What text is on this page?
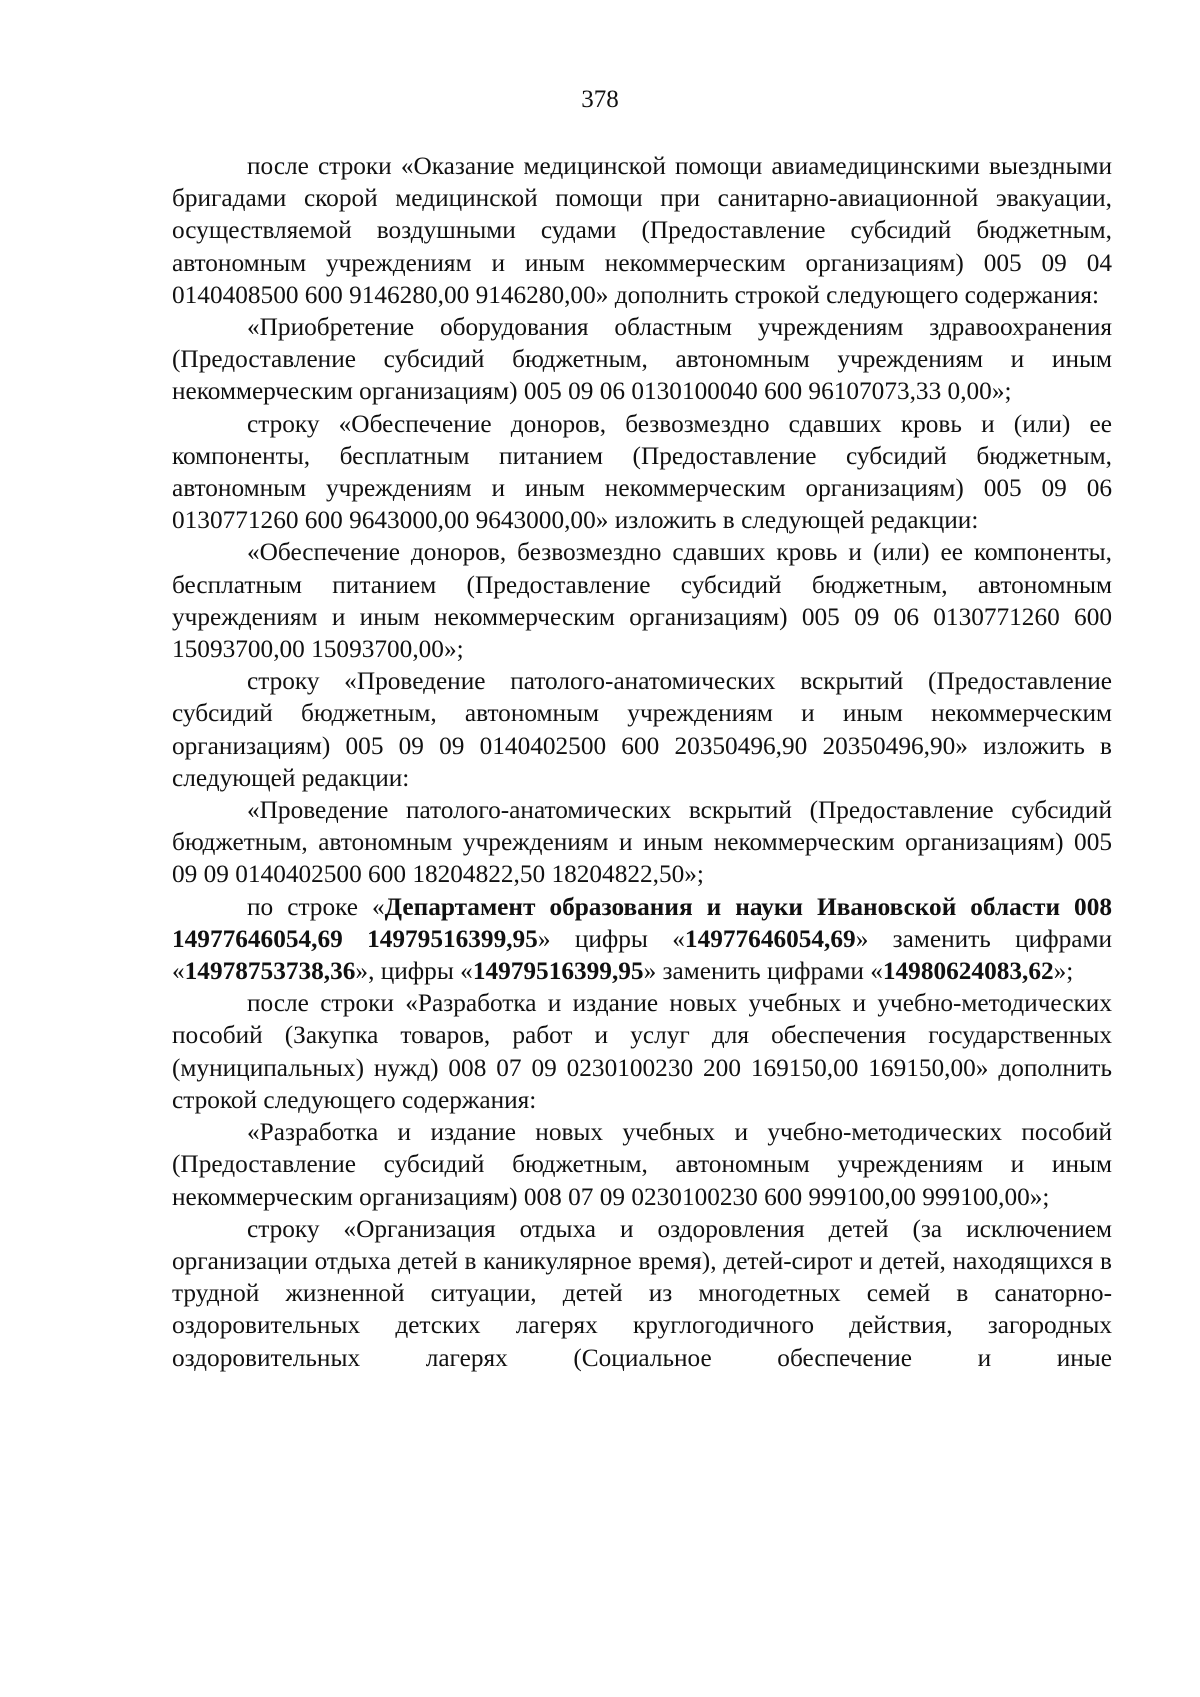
378

после строки «Оказание медицинской помощи авиамедицинскими выездными бригадами скорой медицинской помощи при санитарно-авиационной эвакуации, осуществляемой воздушными судами (Предоставление субсидий бюджетным, автономным учреждениям и иным некоммерческим организациям) 005 09 04 0140408500 600 9146280,00 9146280,00» дополнить строкой следующего содержания:

«Приобретение оборудования областным учреждениям здравоохранения (Предоставление субсидий бюджетным, автономным учреждениям и иным некоммерческим организациям) 005 09 06 0130100040 600 96107073,33 0,00»;

строку «Обеспечение доноров, безвозмездно сдавших кровь и (или) ее компоненты, бесплатным питанием (Предоставление субсидий бюджетным, автономным учреждениям и иным некоммерческим организациям) 005 09 06 0130771260 600 9643000,00 9643000,00» изложить в следующей редакции:

«Обеспечение доноров, безвозмездно сдавших кровь и (или) ее компоненты, бесплатным питанием (Предоставление субсидий бюджетным, автономным учреждениям и иным некоммерческим организациям) 005 09 06 0130771260 600 15093700,00 15093700,00»;

строку «Проведение патолого-анатомических вскрытий (Предоставление субсидий бюджетным, автономным учреждениям и иным некоммерческим организациям) 005 09 09 0140402500 600 20350496,90 20350496,90» изложить в следующей редакции:

«Проведение патолого-анатомических вскрытий (Предоставление субсидий бюджетным, автономным учреждениям и иным некоммерческим организациям) 005 09 09 0140402500 600 18204822,50 18204822,50»;

по строке «Департамент образования и науки Ивановской области 008 14977646054,69 14979516399,95» цифры «14977646054,69» заменить цифрами «14978753738,36», цифры «14979516399,95» заменить цифрами «14980624083,62»;

после строки «Разработка и издание новых учебных и учебно-методических пособий (Закупка товаров, работ и услуг для обеспечения государственных (муниципальных) нужд) 008 07 09 0230100230 200 169150,00 169150,00» дополнить строкой следующего содержания:

«Разработка и издание новых учебных и учебно-методических пособий (Предоставление субсидий бюджетным, автономным учреждениям и иным некоммерческим организациям) 008 07 09 0230100230 600 999100,00 999100,00»;

строку «Организация отдыха и оздоровления детей (за исключением организации отдыха детей в каникулярное время), детей-сирот и детей, находящихся в трудной жизненной ситуации, детей из многодетных семей в санаторно-оздоровительных детских лагерях круглогодичного действия, загородных оздоровительных лагерях (Социальное обеспечение и иные
